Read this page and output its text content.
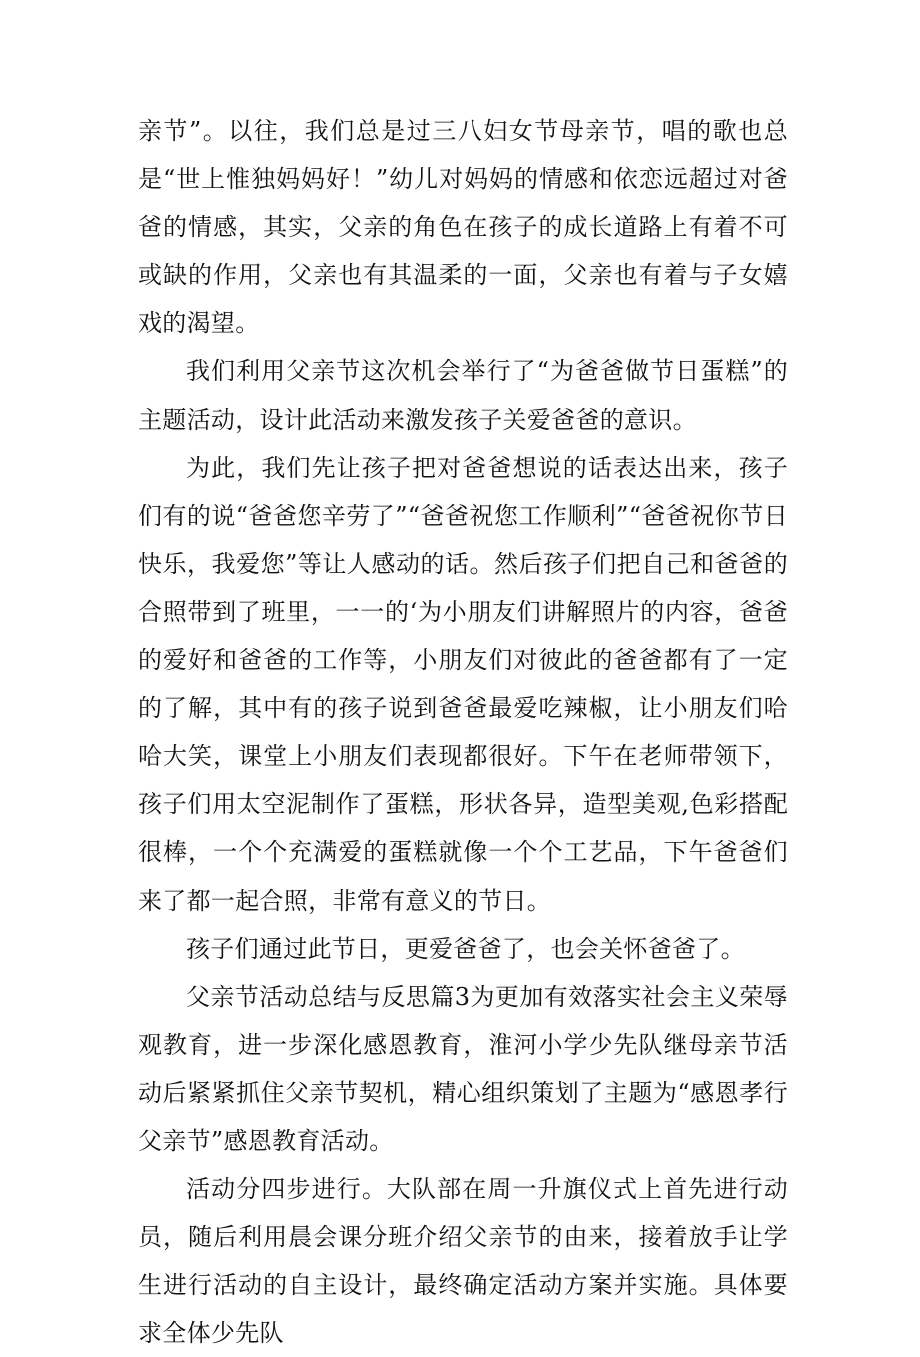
亲节”。以往，我们总是过三八妇女节母亲节，唱的歌也总是“世上惟独妈妈好！”幼儿对妈妈的情感和依恋远超过对爸爸的情感，其实，父亲的角色在孩子的成长道路上有着不可或缺的作用，父亲也有其温柔的一面，父亲也有着与子女嬉戏的渴望。

我们利用父亲节这次机会举行了“为爸爸做节日蛋糕”的主题活动，设计此活动来激发孩子关爱爸爸的意识。

为此，我们先让孩子把对爸爸想说的话表达出来，孩子们有的说“爸爸您辛劳了”“爸爸祝您工作顺利”“爸爸祝你节日快乐，我爱您”等让人感动的话。然后孩子们把自己和爸爸的合照带到了班里，一一的‘为小朋友们讲解照片的内容，爸爸的爱好和爸爸的工作等，小朋友们对彼此的爸爸都有了一定的了解，其中有的孩子说到爸爸最爱吃辣椒，让小朋友们哈哈大笑，课堂上小朋友们表现都很好。下午在老师带领下，孩子们用太空泥制作了蛋糕，形状各异，造型美观,色彩搭配很棒，一个个充满爱的蛋糕就像一个个工艺品，下午爸爸们来了都一起合照，非常有意义的节日。

孩子们通过此节日，更爱爸爸了，也会关怀爸爸了。

父亲节活动总结与反思篇3为更加有效落实社会主义荣辱观教育，进一步深化感恩教育，淮河小学少先队继母亲节活动后紧紧抓住父亲节契机，精心组织策划了主题为“感恩孝行父亲节”感恩教育活动。

活动分四步进行。大队部在周一升旗仪式上首先进行动员，随后利用晨会课分班介绍父亲节的由来，接着放手让学生进行活动的自主设计，最终确定活动方案并实施。具体要求全体少先队
